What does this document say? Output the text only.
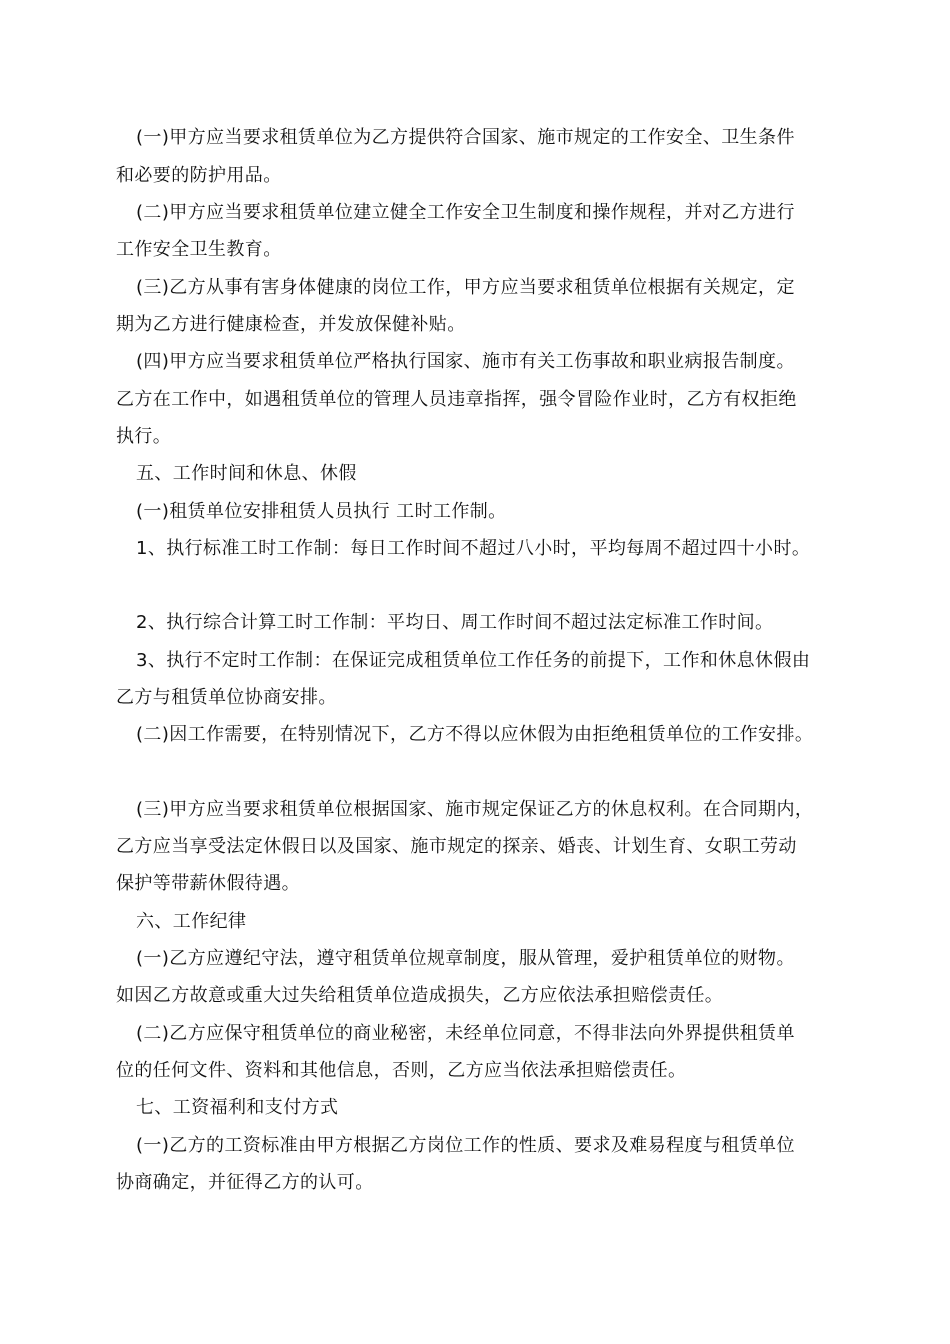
(一)甲方应当要求租赁单位为乙方提供符合国家、施市规定的工作安全、卫生条件
和必要的防护用品。
(二)甲方应当要求租赁单位建立健全工作安全卫生制度和操作规程，并对乙方进行
工作安全卫生教育。
(三)乙方从事有害身体健康的岗位工作，甲方应当要求租赁单位根据有关规定，定
期为乙方进行健康检查，并发放保健补贴。
(四)甲方应当要求租赁单位严格执行国家、施市有关工伤事故和职业病报告制度。
乙方在工作中，如遇租赁单位的管理人员违章指挥，强令冒险作业时，乙方有权拒绝
执行。
五、工作时间和休息、休假
(一)租赁单位安排租赁人员执行 工时工作制。
1、执行标准工时工作制：每日工作时间不超过八小时，平均每周不超过四十小时。
2、执行综合计算工时工作制：平均日、周工作时间不超过法定标准工作时间。
3、执行不定时工作制：在保证完成租赁单位工作任务的前提下，工作和休息休假由
乙方与租赁单位协商安排。
(二)因工作需要，在特别情况下，乙方不得以应休假为由拒绝租赁单位的工作安排。
(三)甲方应当要求租赁单位根据国家、施市规定保证乙方的休息权利。在合同期内，
乙方应当享受法定休假日以及国家、施市规定的探亲、婚丧、计划生育、女职工劳动
保护等带薪休假待遇。
六、工作纪律
(一)乙方应遵纪守法，遵守租赁单位规章制度，服从管理，爱护租赁单位的财物。
如因乙方故意或重大过失给租赁单位造成损失，乙方应依法承担赔偿责任。
(二)乙方应保守租赁单位的商业秘密，未经单位同意，不得非法向外界提供租赁单
位的任何文件、资料和其他信息，否则，乙方应当依法承担赔偿责任。
七、工资福利和支付方式
(一)乙方的工资标准由甲方根据乙方岗位工作的性质、要求及难易程度与租赁单位
协商确定，并征得乙方的认可。
